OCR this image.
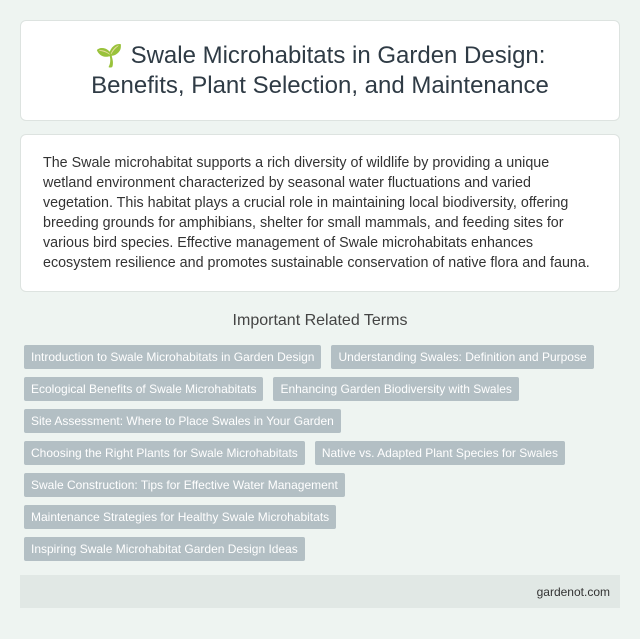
🌱 Swale Microhabitats in Garden Design: Benefits, Plant Selection, and Maintenance

The Swale microhabitat supports a rich diversity of wildlife by providing a unique wetland environment characterized by seasonal water fluctuations and varied vegetation. This habitat plays a crucial role in maintaining local biodiversity, offering breeding grounds for amphibians, shelter for small mammals, and feeding sites for various bird species. Effective management of Swale microhabitats enhances ecosystem resilience and promotes sustainable conservation of native flora and fauna.

Important Related Terms
Introduction to Swale Microhabitats in Garden Design	Understanding Swales: Definition and Purpose
Ecological Benefits of Swale Microhabitats	Enhancing Garden Biodiversity with Swales
Site Assessment: Where to Place Swales in Your Garden
Choosing the Right Plants for Swale Microhabitats	Native vs. Adapted Plant Species for Swales
Swale Construction: Tips for Effective Water Management
Maintenance Strategies for Healthy Swale Microhabitats
Inspiring Swale Microhabitat Garden Design Ideas
gardenot.com
